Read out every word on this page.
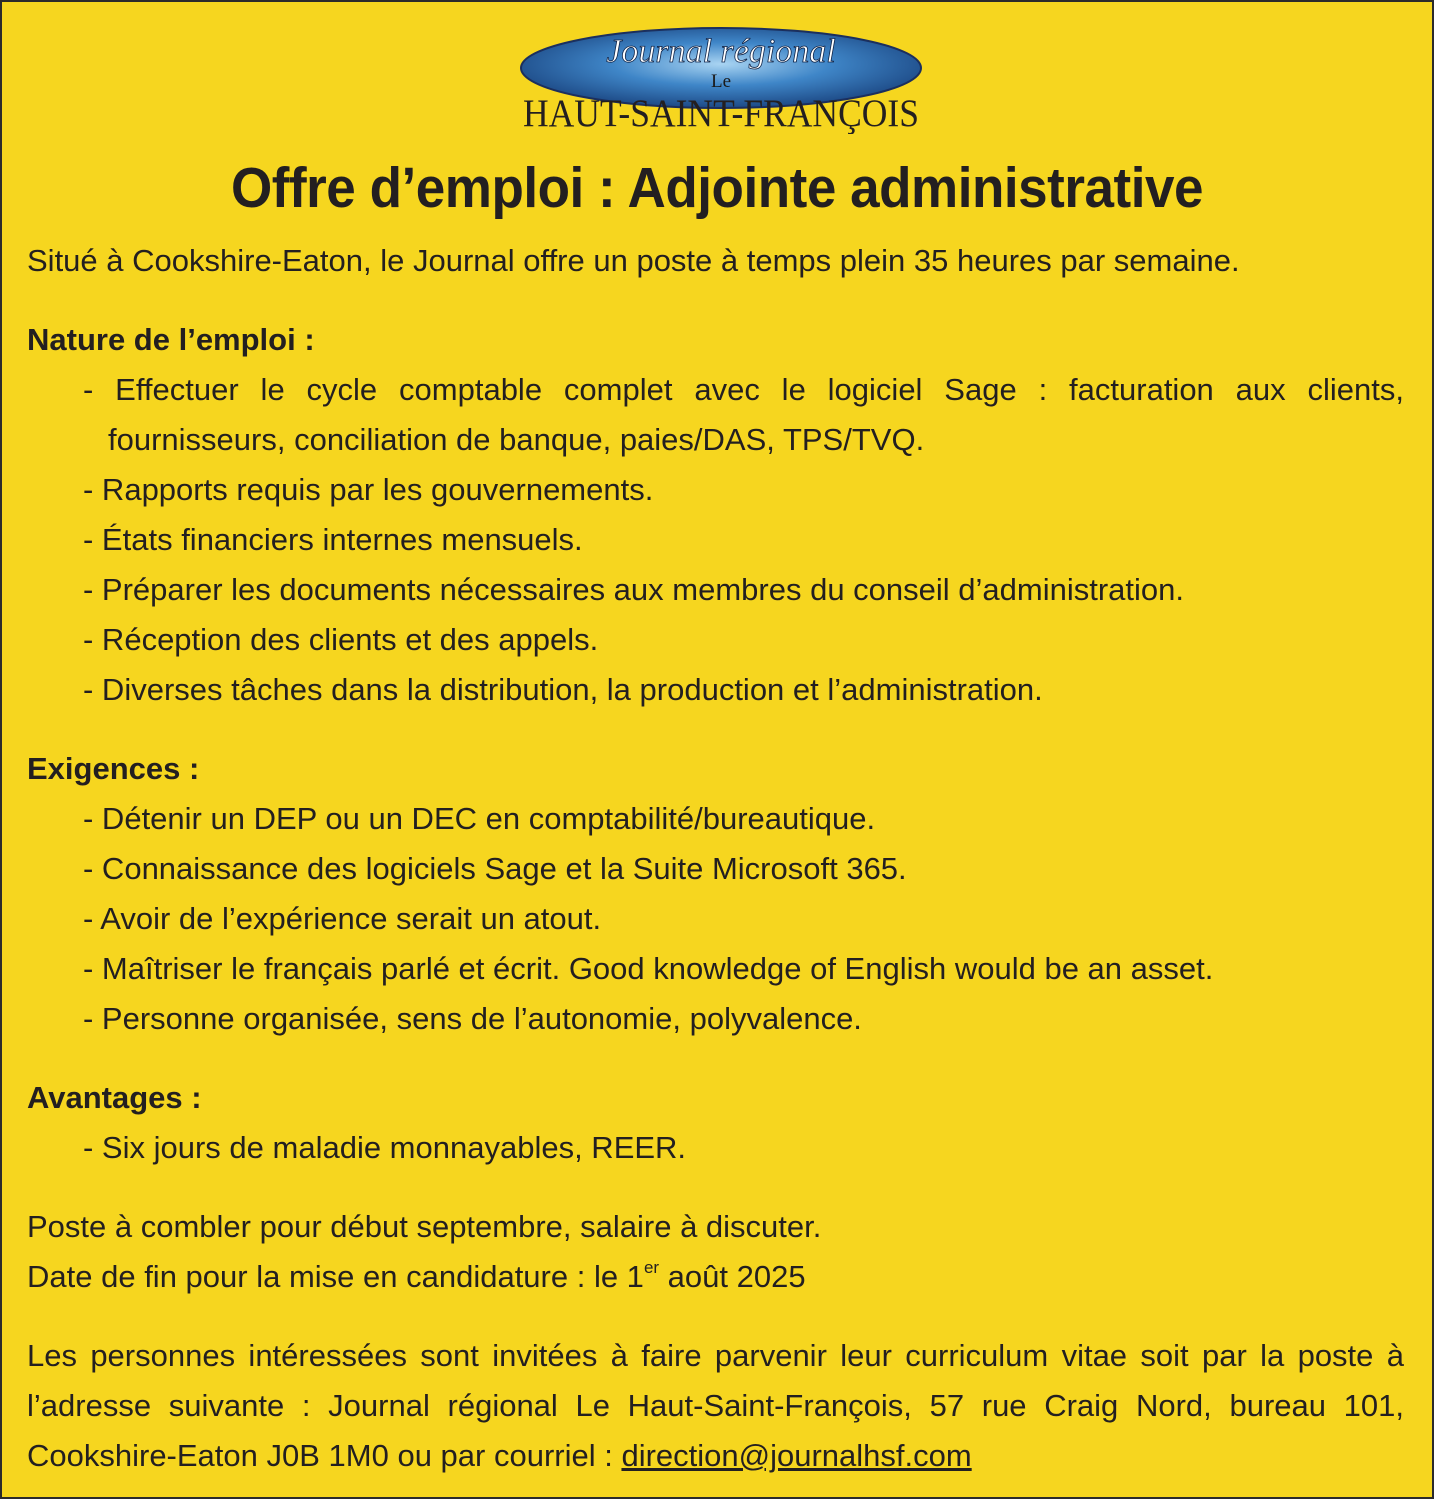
Journal régional
Le
HAUT-SAINT-FRANÇOIS
Offre d’emploi : Adjointe administrative

Situé à Cookshire-Eaton, le Journal offre un poste à temps plein 35 heures par semaine.

Nature de l’emploi :

- Effectuer le cycle comptable complet avec le logiciel Sage : facturation aux clients, fournisseurs, conciliation de banque, paies/DAS, TPS/TVQ.
- Rapports requis par les gouvernements.
- États financiers internes mensuels.
- Préparer les documents nécessaires aux membres du conseil d’administration.
- Réception des clients et des appels.
- Diverses tâches dans la distribution, la production et l’administration.

Exigences :

- Détenir un DEP ou un DEC en comptabilité/bureautique.
- Connaissance des logiciels Sage et la Suite Microsoft 365.
- Avoir de l’expérience serait un atout.
- Maîtriser le français parlé et écrit. Good knowledge of English would be an asset.
- Personne organisée, sens de l’autonomie, polyvalence.

Avantages :

- Six jours de maladie monnayables, REER.

Poste à combler pour début septembre, salaire à discuter.

Date de fin pour la mise en candidature : le 1er août 2025

Les personnes intéressées sont invitées à faire parvenir leur curriculum vitae soit par la poste à l’adresse suivante : Journal régional Le Haut-Saint-François, 57 rue Craig Nord, bureau 101, Cookshire-Eaton J0B 1M0 ou par courriel : direction@journalhsf.com
